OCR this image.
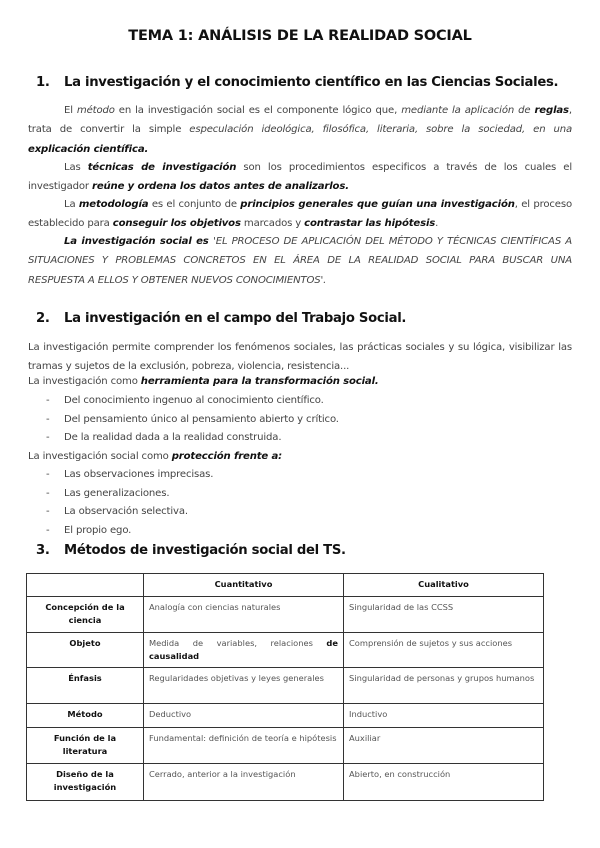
TEMA 1: ANÁLISIS DE LA REALIDAD SOCIAL
1. La investigación y el conocimiento científico en las Ciencias Sociales.
El método en la investigación social es el componente lógico que, mediante la aplicación de reglas, trata de convertir la simple especulación ideológica, filosófica, literaria, sobre la sociedad, en una explicación científica.
Las técnicas de investigación son los procedimientos especificos a través de los cuales el investigador reúne y ordena los datos antes de analizarlos.
La metodología es el conjunto de principios generales que guían una investigación, el proceso establecido para conseguir los objetivos marcados y contrastar las hipótesis.
La investigación social es 'EL PROCESO DE APLICACIÓN DEL MÉTODO Y TÉCNICAS CIENTÍFICAS A SITUACIONES Y PROBLEMAS CONCRETOS EN EL ÁREA DE LA REALIDAD SOCIAL PARA BUSCAR UNA RESPUESTA A ELLOS Y OBTENER NUEVOS CONOCIMIENTOS'.
2. La investigación en el campo del Trabajo Social.
La investigación permite comprender los fenómenos sociales, las prácticas sociales y su lógica, visibilizar las tramas y sujetos de la exclusión, pobreza, violencia, resistencia...
La investigación como herramienta para la transformación social.
- Del conocimiento ingenuo al conocimiento científico.
- Del pensamiento único al pensamiento abierto y crítico.
- De la realidad dada a la realidad construida.
La investigación social como protección frente a:
- Las observaciones imprecisas.
- Las generalizaciones.
- La observación selectiva.
- El propio ego.
3. Métodos de investigación social del TS.
	Cuantitativo	Cualitativo
Concepción de la ciencia	Analogía con ciencias naturales	Singularidad de las CCSS
Objeto	Medida de variables, relaciones de causalidad	Comprensión de sujetos y sus acciones
Énfasis	Regularidades objetivas y leyes generales	Singularidad de personas y grupos humanos
Método	Deductivo	Inductivo
Función de la literatura	Fundamental: definición de teoría e hipótesis	Auxiliar
Diseño de la investigación	Cerrado, anterior a la investigación	Abierto, en construcción
